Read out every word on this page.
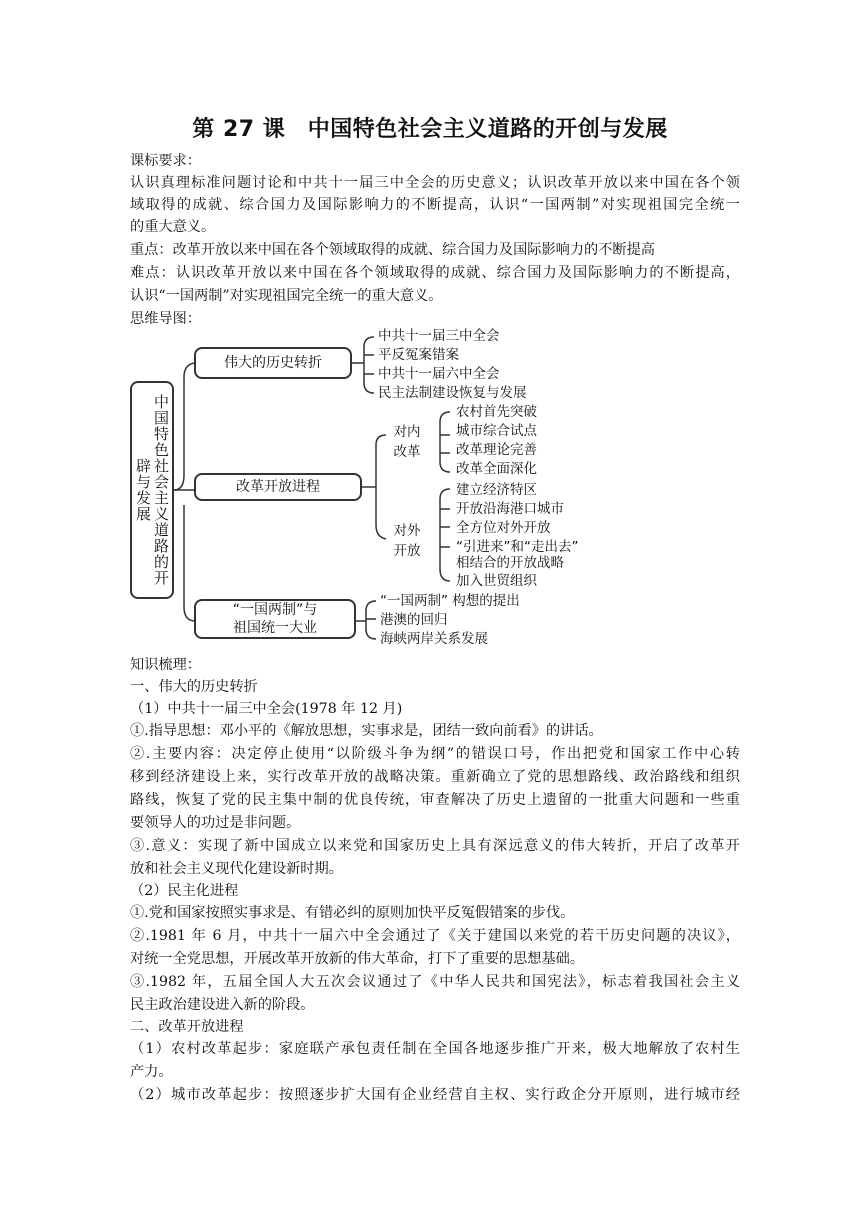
第 27 课　中国特色社会主义道路的开创与发展
课标要求：
认识真理标准问题讨论和中共十一届三中全会的历史意义；认识改革开放以来中国在各个领
域取得的成就、综合国力及国际影响力的不断提高，认识“一国两制”对实现祖国完全统一
的重大意义。
重点：改革开放以来中国在各个领域取得的成就、综合国力及国际影响力的不断提高
难点：认识改革开放以来中国在各个领域取得的成就、综合国力及国际影响力的不断提高，
认识“一国两制”对实现祖国完全统一的重大意义。
思维导图：
中国特色社会主义道路的开辟与发展
伟大的历史转折
中共十一届三中全会
平反冤案错案
中共十一届六中全会
民主法制建设恢复与发展
改革开放进程
对内改革
农村首先突破
城市综合试点
改革理论完善
改革全面深化
对外开放
建立经济特区
开放沿海港口城市
全方位对外开放
“引进来”和“走出去”
相结合的开放战略
加入世贸组织
“一国两制”与
祖国统一大业
“一国两制” 构想的提出
港澳的回归
海峡两岸关系发展
知识梳理：
一、伟大的历史转折
（1）中共十一届三中全会(1978 年 12 月)
①.指导思想：邓小平的《解放思想，实事求是，团结一致向前看》的讲话。
②.主要内容：决定停止使用“以阶级斗争为纲”的错误口号，作出把党和国家工作中心转
移到经济建设上来，实行改革开放的战略决策。重新确立了党的思想路线、政治路线和组织
路线，恢复了党的民主集中制的优良传统，审查解决了历史上遗留的一批重大问题和一些重
要领导人的功过是非问题。
③.意义：实现了新中国成立以来党和国家历史上具有深远意义的伟大转折，开启了改革开
放和社会主义现代化建设新时期。
（2）民主化进程
①.党和国家按照实事求是、有错必纠的原则加快平反冤假错案的步伐。
②.1981 年 6 月，中共十一届六中全会通过了《关于建国以来党的若干历史问题的决议》，
对统一全党思想，开展改革开放新的伟大革命，打下了重要的思想基础。
③.1982 年，五届全国人大五次会议通过了《中华人民共和国宪法》，标志着我国社会主义
民主政治建设进入新的阶段。
二、改革开放进程
（1）农村改革起步：家庭联产承包责任制在全国各地逐步推广开来，极大地解放了农村生
产力。
（2）城市改革起步：按照逐步扩大国有企业经营自主权、实行政企分开原则，进行城市经
